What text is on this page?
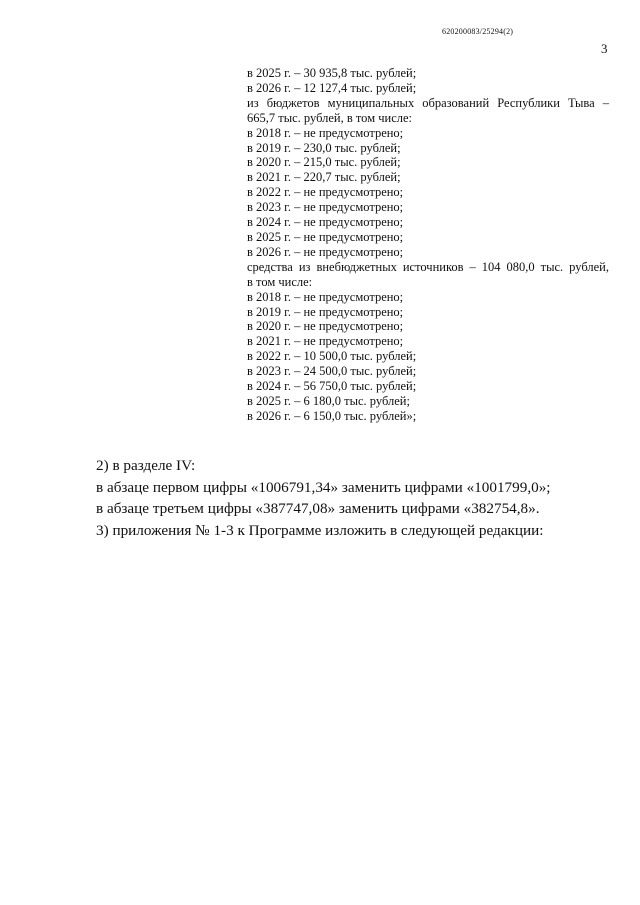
620200083/25294(2)
3
в 2025 г. – 30 935,8 тыс. рублей;
в 2026 г. – 12 127,4 тыс. рублей;
из бюджетов муниципальных образований Республики Тыва –
665,7 тыс. рублей, в том числе:
в 2018 г. – не предусмотрено;
в 2019 г. – 230,0 тыс. рублей;
в 2020 г. – 215,0 тыс. рублей;
в 2021 г. – 220,7 тыс. рублей;
в 2022 г. – не предусмотрено;
в 2023 г. – не предусмотрено;
в 2024 г. – не предусмотрено;
в 2025 г. – не предусмотрено;
в 2026 г. – не предусмотрено;
средства из внебюджетных источников – 104 080,0 тыс. рублей,
в том числе:
в 2018 г. – не предусмотрено;
в 2019 г. – не предусмотрено;
в 2020 г. – не предусмотрено;
в 2021 г. – не предусмотрено;
в 2022 г. – 10 500,0 тыс. рублей;
в 2023 г. – 24 500,0 тыс. рублей;
в 2024 г. – 56 750,0 тыс. рублей;
в 2025 г. – 6 180,0 тыс. рублей;
в 2026 г. – 6 150,0 тыс. рублей»;
2) в разделе IV:
в абзаце первом цифры «1006791,34» заменить цифрами «1001799,0»;
в абзаце третьем цифры «387747,08» заменить цифрами «382754,8».
3) приложения № 1-3 к Программе изложить в следующей редакции:
